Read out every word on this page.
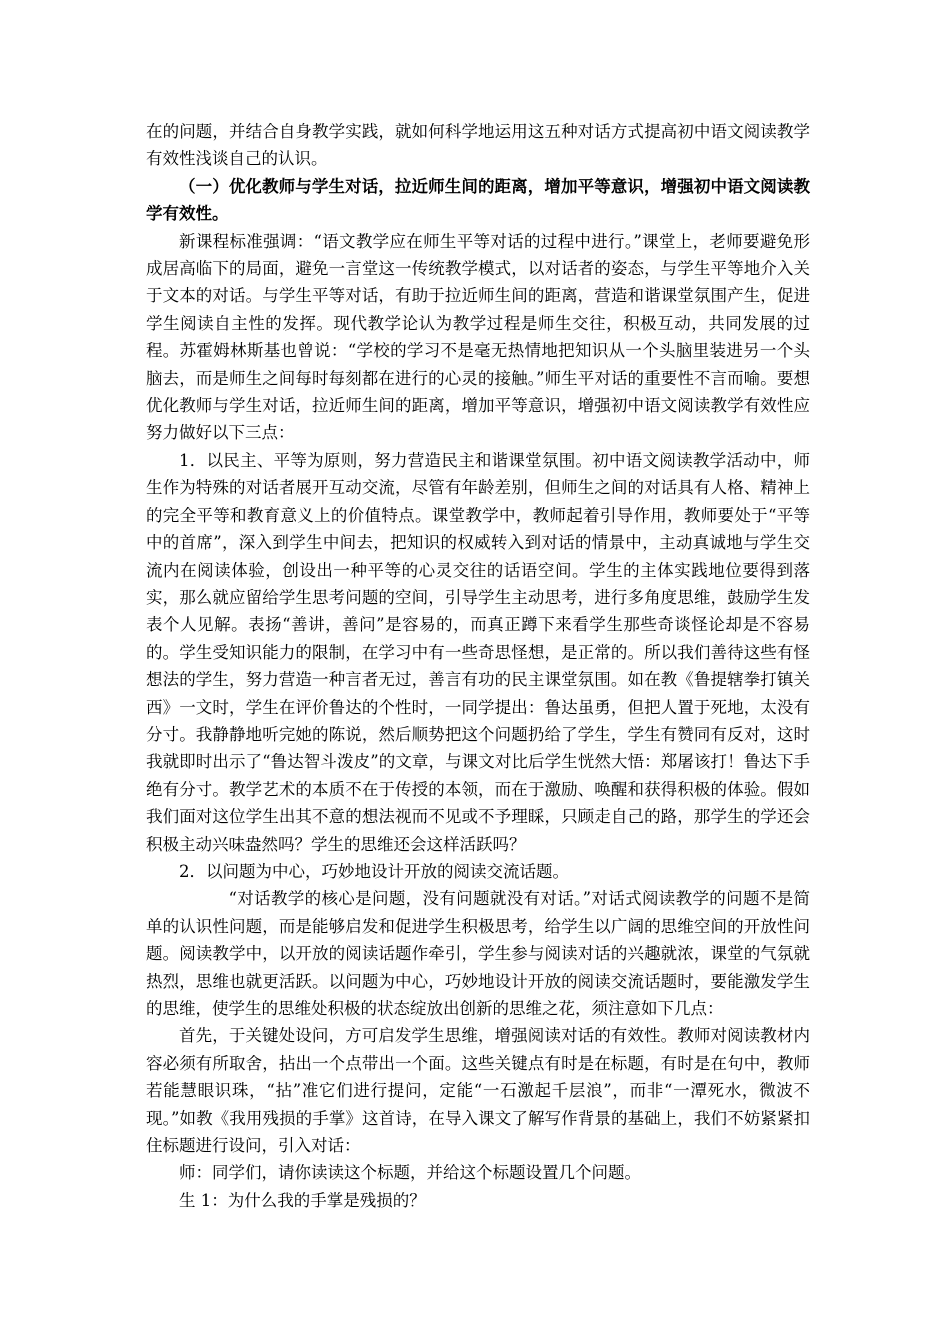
在的问题，并结合自身教学实践，就如何科学地运用这五种对话方式提高初中语文阅读教学有效性浅谈自己的认识。

（一）优化教师与学生对话，拉近师生间的距离，增加平等意识，增强初中语文阅读教学有效性。

新课程标准强调：“语文教学应在师生平等对话的过程中进行。”课堂上，老师要避免形成居高临下的局面，避免一言堂这一传统教学模式，以对话者的姿态，与学生平等地介入关于文本的对话。与学生平等对话，有助于拉近师生间的距离，营造和谐课堂氛围产生，促进学生阅读自主性的发挥。现代教学论认为教学过程是师生交往，积极互动，共同发展的过程。苏霍姆林斯基也曾说：“学校的学习不是毫无热情地把知识从一个头脑里装进另一个头脑去，而是师生之间每时每刻都在进行的心灵的接触。”师生平对话的重要性不言而喻。要想优化教师与学生对话，拉近师生间的距离，增加平等意识，增强初中语文阅读教学有效性应努力做好以下三点：

1．以民主、平等为原则，努力营造民主和谐课堂氛围。初中语文阅读教学活动中，师生作为特殊的对话者展开互动交流，尽管有年龄差别，但师生之间的对话具有人格、精神上的完全平等和教育意义上的价值特点。课堂教学中，教师起着引导作用，教师要处于“平等中的首席”，深入到学生中间去，把知识的权威转入到对话的情景中，主动真诚地与学生交流内在阅读体验，创设出一种平等的心灵交往的话语空间。学生的主体实践地位要得到落实，那么就应留给学生思考问题的空间，引导学生主动思考，进行多角度思维，鼓励学生发表个人见解。表扬“善讲，善问”是容易的，而真正蹲下来看学生那些奇谈怪论却是不容易的。学生受知识能力的限制，在学习中有一些奇思怪想，是正常的。所以我们善待这些有怪想法的学生，努力营造一种言者无过，善言有功的民主课堂氛围。如在教《鲁提辖拳打镇关西》一文时，学生在评价鲁达的个性时，一同学提出：鲁达虽勇，但把人置于死地，太没有分寸。我静静地听完她的陈说，然后顺势把这个问题扔给了学生，学生有赞同有反对，这时我就即时出示了“鲁达智斗泼皮”的文章，与课文对比后学生恍然大悟：郑屠该打！鲁达下手绝有分寸。教学艺术的本质不在于传授的本领，而在于激励、唤醒和获得积极的体验。假如我们面对这位学生出其不意的想法视而不见或不予理睬，只顾走自己的路，那学生的学还会积极主动兴味盎然吗？学生的思维还会这样活跃吗？

2．以问题为中心，巧妙地设计开放的阅读交流话题。

“对话教学的核心是问题，没有问题就没有对话。”对话式阅读教学的问题不是简单的认识性问题，而是能够启发和促进学生积极思考，给学生以广阔的思维空间的开放性问题。阅读教学中，以开放的阅读话题作牵引，学生参与阅读对话的兴趣就浓，课堂的气氛就热烈，思维也就更活跃。以问题为中心，巧妙地设计开放的阅读交流话题时，要能激发学生的思维，使学生的思维处积极的状态绽放出创新的思维之花，须注意如下几点：

首先，于关键处设问，方可启发学生思维，增强阅读对话的有效性。教师对阅读教材内容必须有所取舍，拈出一个点带出一个面。这些关键点有时是在标题，有时是在句中，教师若能慧眼识珠，“拈”准它们进行提问，定能“一石激起千层浪”，而非“一潭死水，微波不现。”如教《我用残损的手掌》这首诗，在导入课文了解写作背景的基础上，我们不妨紧紧扣住标题进行设问，引入对话：

师：同学们，请你读读这个标题，并给这个标题设置几个问题。

生 1：为什么我的手掌是残损的？
